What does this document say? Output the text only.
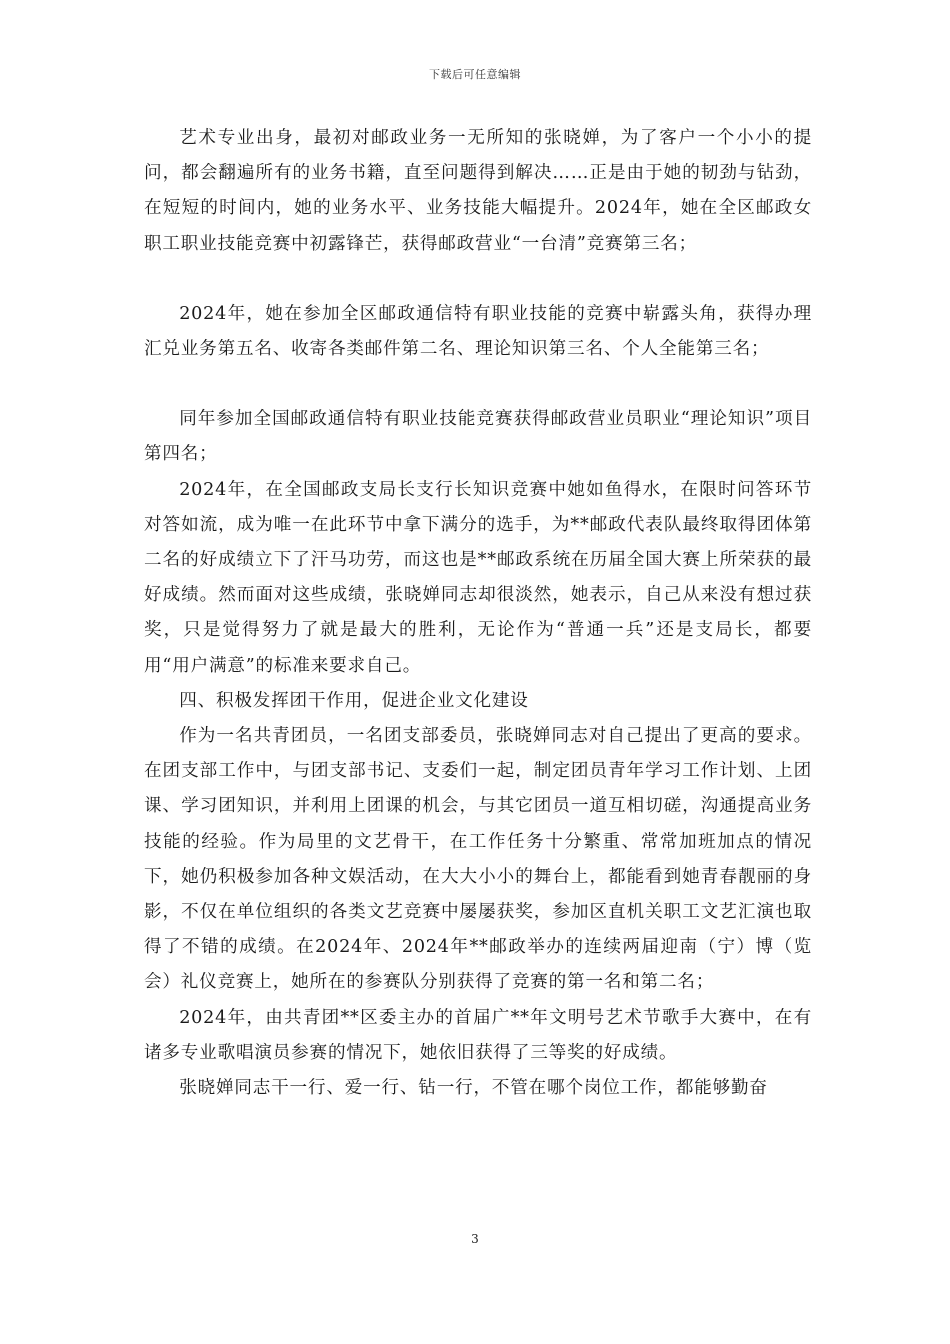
下载后可任意编辑

艺术专业出身，最初对邮政业务一无所知的张晓婵，为了客户一个小小的提问，都会翻遍所有的业务书籍，直至问题得到解决……正是由于她的韧劲与钻劲，在短短的时间内，她的业务水平、业务技能大幅提升。2024年，她在全区邮政女职工职业技能竞赛中初露锋芒，获得邮政营业“一台清”竞赛第三名；

2024年，她在参加全区邮政通信特有职业技能的竞赛中崭露头角，获得办理汇兑业务第五名、收寄各类邮件第二名、理论知识第三名、个人全能第三名；

同年参加全国邮政通信特有职业技能竞赛获得邮政营业员职业“理论知识”项目第四名；

2024年，在全国邮政支局长支行长知识竞赛中她如鱼得水，在限时问答环节对答如流，成为唯一在此环节中拿下满分的选手，为**邮政代表队最终取得团体第二名的好成绩立下了汗马功劳，而这也是**邮政系统在历届全国大赛上所荣获的最好成绩。然而面对这些成绩，张晓婵同志却很淡然，她表示，自己从来没有想过获奖，只是觉得努力了就是最大的胜利，无论作为“普通一兵”还是支局长，都要用“用户满意”的标准来要求自己。

四、积极发挥团干作用，促进企业文化建设

作为一名共青团员，一名团支部委员，张晓婵同志对自己提出了更高的要求。在团支部工作中，与团支部书记、支委们一起，制定团员青年学习工作计划、上团课、学习团知识，并利用上团课的机会，与其它团员一道互相切磋，沟通提高业务技能的经验。作为局里的文艺骨干，在工作任务十分繁重、常常加班加点的情况下，她仍积极参加各种文娱活动，在大大小小的舞台上，都能看到她青春靓丽的身影，不仅在单位组织的各类文艺竞赛中屡屡获奖，参加区直机关职工文艺汇演也取得了不错的成绩。在2024年、2024年**邮政举办的连续两届迎南（宁）博（览会）礼仪竞赛上，她所在的参赛队分别获得了竞赛的第一名和第二名；

2024年，由共青团**区委主办的首届广**年文明号艺术节歌手大赛中，在有诸多专业歌唱演员参赛的情况下，她依旧获得了三等奖的好成绩。

张晓婵同志干一行、爱一行、钻一行，不管在哪个岗位工作，都能够勤奋

3
